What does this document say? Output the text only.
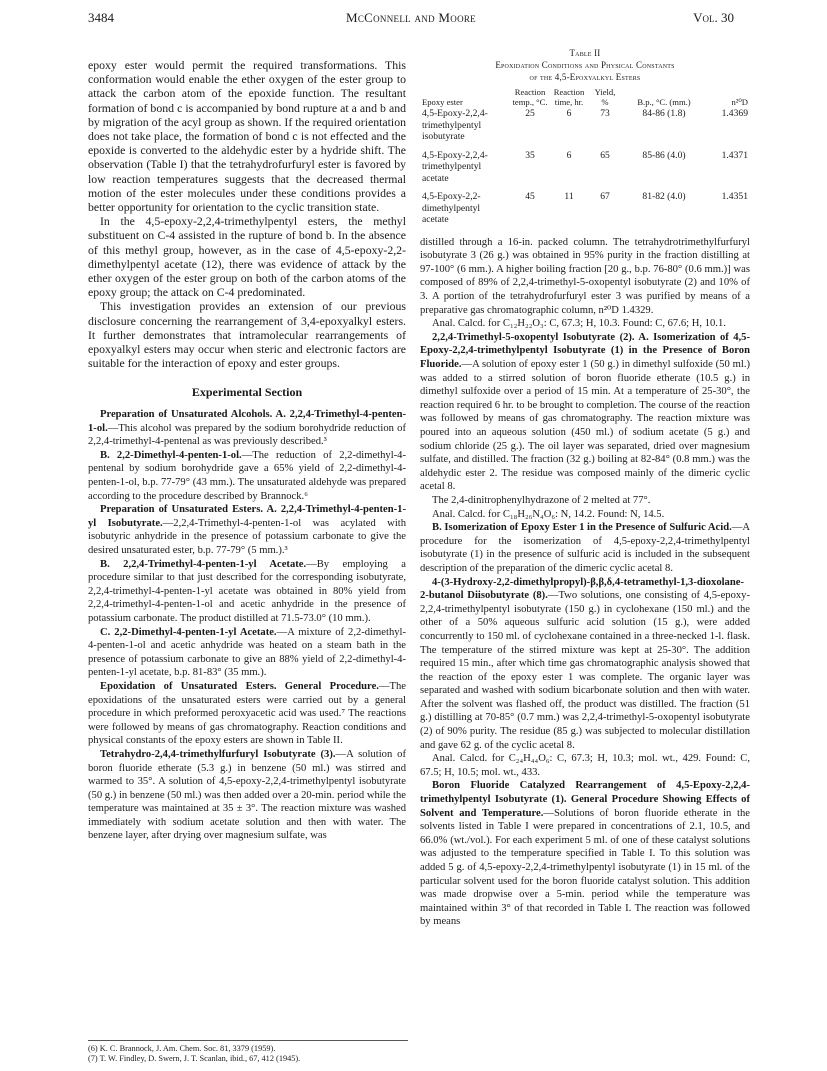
3484	McConnell and Moore	Vol. 30

epoxy ester would permit the required transformations. This conformation would enable the ether oxygen of the ester group to attack the carbon atom of the epoxide function. The resultant formation of bond c is accompanied by bond rupture at a and b and by migration of the acyl group as shown. If the required orientation does not take place, the formation of bond c is not effected and the epoxide is converted to the aldehydic ester by a hydride shift. The observation (Table I) that the tetrahydrofurfuryl ester is favored by low reaction temperatures suggests that the decreased thermal motion of the ester molecules under these conditions provides a better opportunity for orientation to the cyclic transition state.

In the 4,5-epoxy-2,2,4-trimethylpentyl esters, the methyl substituent on C-4 assisted in the rupture of bond b. In the absence of this methyl group, however, as in the case of 4,5-epoxy-2,2-dimethylpentyl acetate (12), there was evidence of attack by the ether oxygen of the ester group on both of the carbon atoms of the epoxy group; the attack on C-4 predominated.

This investigation provides an extension of our previous disclosure concerning the rearrangement of 3,4-epoxyalkyl esters. It further demonstrates that intramolecular rearrangements of epoxyalkyl esters may occur when steric and electronic factors are suitable for the interaction of epoxy and ester groups.

Experimental Section

Preparation of Unsaturated Alcohols. A. 2,2,4-Trimethyl-4-penten-1-ol.—This alcohol was prepared by the sodium borohydride reduction of 2,2,4-trimethyl-4-pentenal as was previously described.³

B. 2,2-Dimethyl-4-penten-1-ol.—The reduction of 2,2-dimethyl-4-pentenal by sodium borohydride gave a 65% yield of 2,2-dimethyl-4-penten-1-ol, b.p. 77-79° (43 mm.). The unsaturated aldehyde was prepared according to the procedure described by Brannock.⁶

Preparation of Unsaturated Esters. A. 2,2,4-Trimethyl-4-penten-1-yl Isobutyrate.—2,2,4-Trimethyl-4-penten-1-ol was acylated with isobutyric anhydride in the presence of potassium carbonate to give the desired unsaturated ester, b.p. 77-79° (5 mm.).³

B. 2,2,4-Trimethyl-4-penten-1-yl Acetate.—By employing a procedure similar to that just described for the corresponding isobutyrate, 2,2,4-trimethyl-4-penten-1-yl acetate was obtained in 80% yield from 2,2,4-trimethyl-4-penten-1-ol and acetic anhydride in the presence of potassium carbonate. The product distilled at 71.5-73.0° (10 mm.).

C. 2,2-Dimethyl-4-penten-1-yl Acetate.—A mixture of 2,2-dimethyl-4-penten-1-ol and acetic anhydride was heated on a steam bath in the presence of potassium carbonate to give an 88% yield of 2,2-dimethyl-4-penten-1-yl acetate, b.p. 81-83° (35 mm.).

Epoxidation of Unsaturated Esters. General Procedure.—The epoxidations of the unsaturated esters were carried out by a general procedure in which preformed peroxyacetic acid was used.⁷ The reactions were followed by means of gas chromatography. Reaction conditions and physical constants of the epoxy esters are shown in Table II.

Tetrahydro-2,4,4-trimethylfurfuryl Isobutyrate (3).—A solution of boron fluoride etherate (5.3 g.) in benzene (50 ml.) was stirred and warmed to 35°. A solution of 4,5-epoxy-2,2,4-trimethylpentyl isobutyrate (50 g.) in benzene (50 ml.) was then added over a 20-min. period while the temperature was maintained at 35 ± 3°. The reaction mixture was washed immediately with sodium acetate solution and then with water. The benzene layer, after drying over magnesium sulfate, was

(6) K. C. Brannock, J. Am. Chem. Soc. 81, 3379 (1959).
(7) T. W. Findley, D. Swern, J. T. Scanlan, ibid., 67, 412 (1945).
Table II
Epoxidation Conditions and Physical Constants
of the 4,5-Epoxyalkyl Esters
Epoxy ester	Reaction temp., °C.	Reaction time, hr.	Yield, %	B.p., °C. (mm.)	n²⁰D
4,5-Epoxy-2,2,4-trimethylpentyl isobutyrate	25	6	73	84-86 (1.8)	1.4369
4,5-Epoxy-2,2,4-trimethylpentyl acetate	35	6	65	85-86 (4.0)	1.4371
4,5-Epoxy-2,2-dimethylpentyl acetate	45	11	67	81-82 (4.0)	1.4351

distilled through a 16-in. packed column. The tetrahydrotrimethylfurfuryl isobutyrate 3 (26 g.) was obtained in 95% purity in the fraction distilling at 97-100° (6 mm.). A higher boiling fraction [20 g., b.p. 76-80° (0.6 mm.)] was composed of 89% of 2,2,4-trimethyl-5-oxopentyl isobutyrate (2) and 10% of 3. A portion of the tetrahydrofurfuryl ester 3 was purified by means of a preparative gas chromatographic column, n²⁰D 1.4329.

Anal. Calcd. for C₁₂H₂₂O₃: C, 67.3; H, 10.3. Found: C, 67.6; H, 10.1.

2,2,4-Trimethyl-5-oxopentyl Isobutyrate (2). A. Isomerization of 4,5-Epoxy-2,2,4-trimethylpentyl Isobutyrate (1) in the Presence of Boron Fluoride.—A solution of epoxy ester 1 (50 g.) in dimethyl sulfoxide (50 ml.) was added to a stirred solution of boron fluoride etherate (10.5 g.) in dimethyl sulfoxide over a period of 15 min. At a temperature of 25-30°, the reaction required 6 hr. to be brought to completion. The course of the reaction was followed by means of gas chromatography. The reaction mixture was poured into an aqueous solution (450 ml.) of sodium acetate (5 g.) and sodium chloride (25 g.). The oil layer was separated, dried over magnesium sulfate, and distilled. The fraction (32 g.) boiling at 82-84° (0.8 mm.) was the aldehydic ester 2. The residue was composed mainly of the dimeric cyclic acetal 8.

The 2,4-dinitrophenylhydrazone of 2 melted at 77°.

Anal. Calcd. for C₁₈H₂₆N₄O₆: N, 14.2. Found: N, 14.5.

B. Isomerization of Epoxy Ester 1 in the Presence of Sulfuric Acid.—A procedure for the isomerization of 4,5-epoxy-2,2,4-trimethylpentyl isobutyrate (1) in the presence of sulfuric acid is included in the subsequent description of the preparation of the dimeric cyclic acetal 8.

4-(3-Hydroxy-2,2-dimethylpropyl)-β,β,δ,4-tetramethyl-1,3-dioxolane-2-butanol Diisobutyrate (8).—Two solutions, one consisting of 4,5-epoxy-2,2,4-trimethylpentyl isobutyrate (150 g.) in cyclohexane (150 ml.) and the other of a 50% aqueous sulfuric acid solution (15 g.), were added concurrently to 150 ml. of cyclohexane contained in a three-necked 1-l. flask. The temperature of the stirred mixture was kept at 25-30°. The addition required 15 min., after which time gas chromatographic analysis showed that the reaction of the epoxy ester 1 was complete. The organic layer was separated and washed with sodium bicarbonate solution and then with water. After the solvent was flashed off, the product was distilled. The fraction (51 g.) distilling at 70-85° (0.7 mm.) was 2,2,4-trimethyl-5-oxopentyl isobutyrate (2) of 90% purity. The residue (85 g.) was subjected to molecular distillation and gave 62 g. of the cyclic acetal 8.

Anal. Calcd. for C₂₄H₄₄O₆: C, 67.3; H, 10.3; mol. wt., 429. Found: C, 67.5; H, 10.5; mol. wt., 433.

Boron Fluoride Catalyzed Rearrangement of 4,5-Epoxy-2,2,4-trimethylpentyl Isobutyrate (1). General Procedure Showing Effects of Solvent and Temperature.—Solutions of boron fluoride etherate in the solvents listed in Table I were prepared in concentrations of 2.1, 10.5, and 66.0% (wt./vol.). For each experiment 5 ml. of one of these catalyst solutions was adjusted to the temperature specified in Table I. To this solution was added 5 g. of 4,5-epoxy-2,2,4-trimethylpentyl isobutyrate (1) in 15 ml. of the particular solvent used for the boron fluoride catalyst solution. This addition was made dropwise over a 5-min. period while the temperature was maintained within 3° of that recorded in Table I. The reaction was followed by means
